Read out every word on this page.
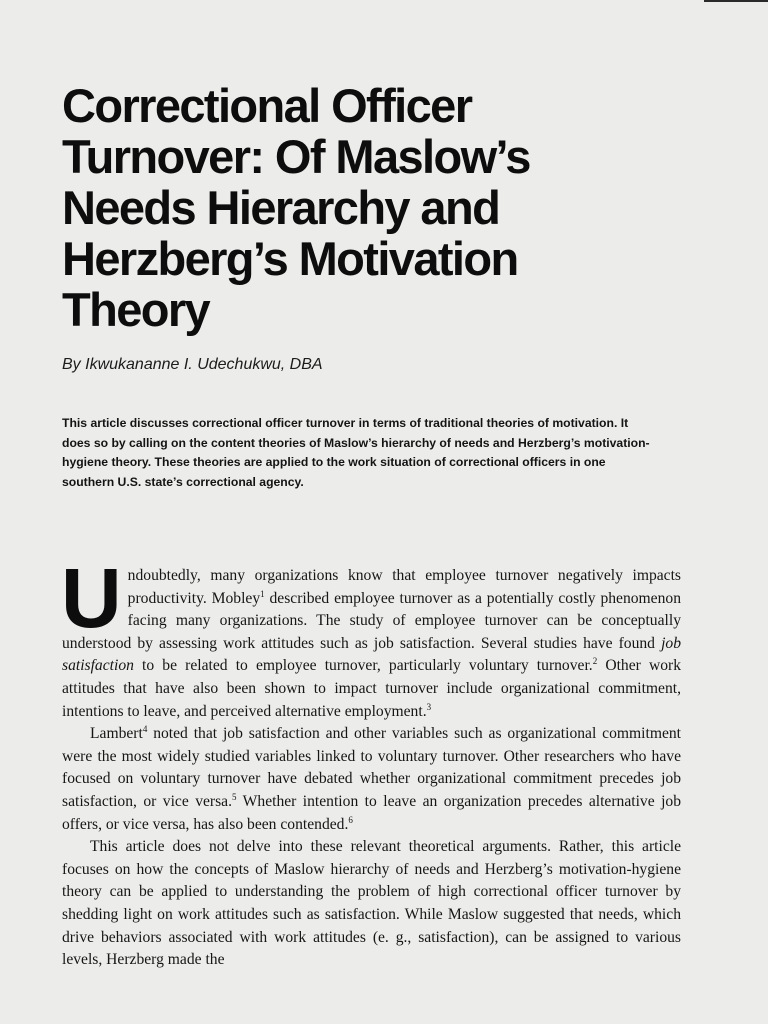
Correctional Officer
Turnover: Of Maslow’s
Needs Hierarchy and
Herzberg’s Motivation
Theory

By Ikwukananne I. Udechukwu, DBA

This article discusses correctional officer turnover in terms of traditional theories of motivation. It does so by calling on the content theories of Maslow’s hierarchy of needs and Herzberg’s motivation-hygiene theory. These theories are applied to the work situation of correctional officers in one southern U.S. state’s correctional agency.

Undoubtedly, many organizations know that employee turnover negatively impacts productivity. Mobley$^1$ described employee turnover as a potentially costly phenomenon facing many organizations. The study of employee turnover can be conceptually understood by assessing work attitudes such as job satisfaction. Several studies have found job satisfaction to be related to employee turnover, particularly voluntary turnover.$^2$ Other work attitudes that have also been shown to impact turnover include organizational commitment, intentions to leave, and perceived alternative employment.$^3$

Lambert$^4$ noted that job satisfaction and other variables such as organizational commitment were the most widely studied variables linked to voluntary turnover. Other researchers who have focused on voluntary turnover have debated whether organizational commitment precedes job satisfaction, or vice versa.$^5$ Whether intention to leave an organization precedes alternative job offers, or vice versa, has also been contended.$^6$

This article does not delve into these relevant theoretical arguments. Rather, this article focuses on how the concepts of Maslow hierarchy of needs and Herzberg’s motivation-hygiene theory can be applied to understanding the problem of high correctional officer turnover by shedding light on work attitudes such as satisfaction. While Maslow suggested that needs, which drive behaviors associated with work attitudes (e. g., satisfaction), can be assigned to various levels, Herzberg made the
